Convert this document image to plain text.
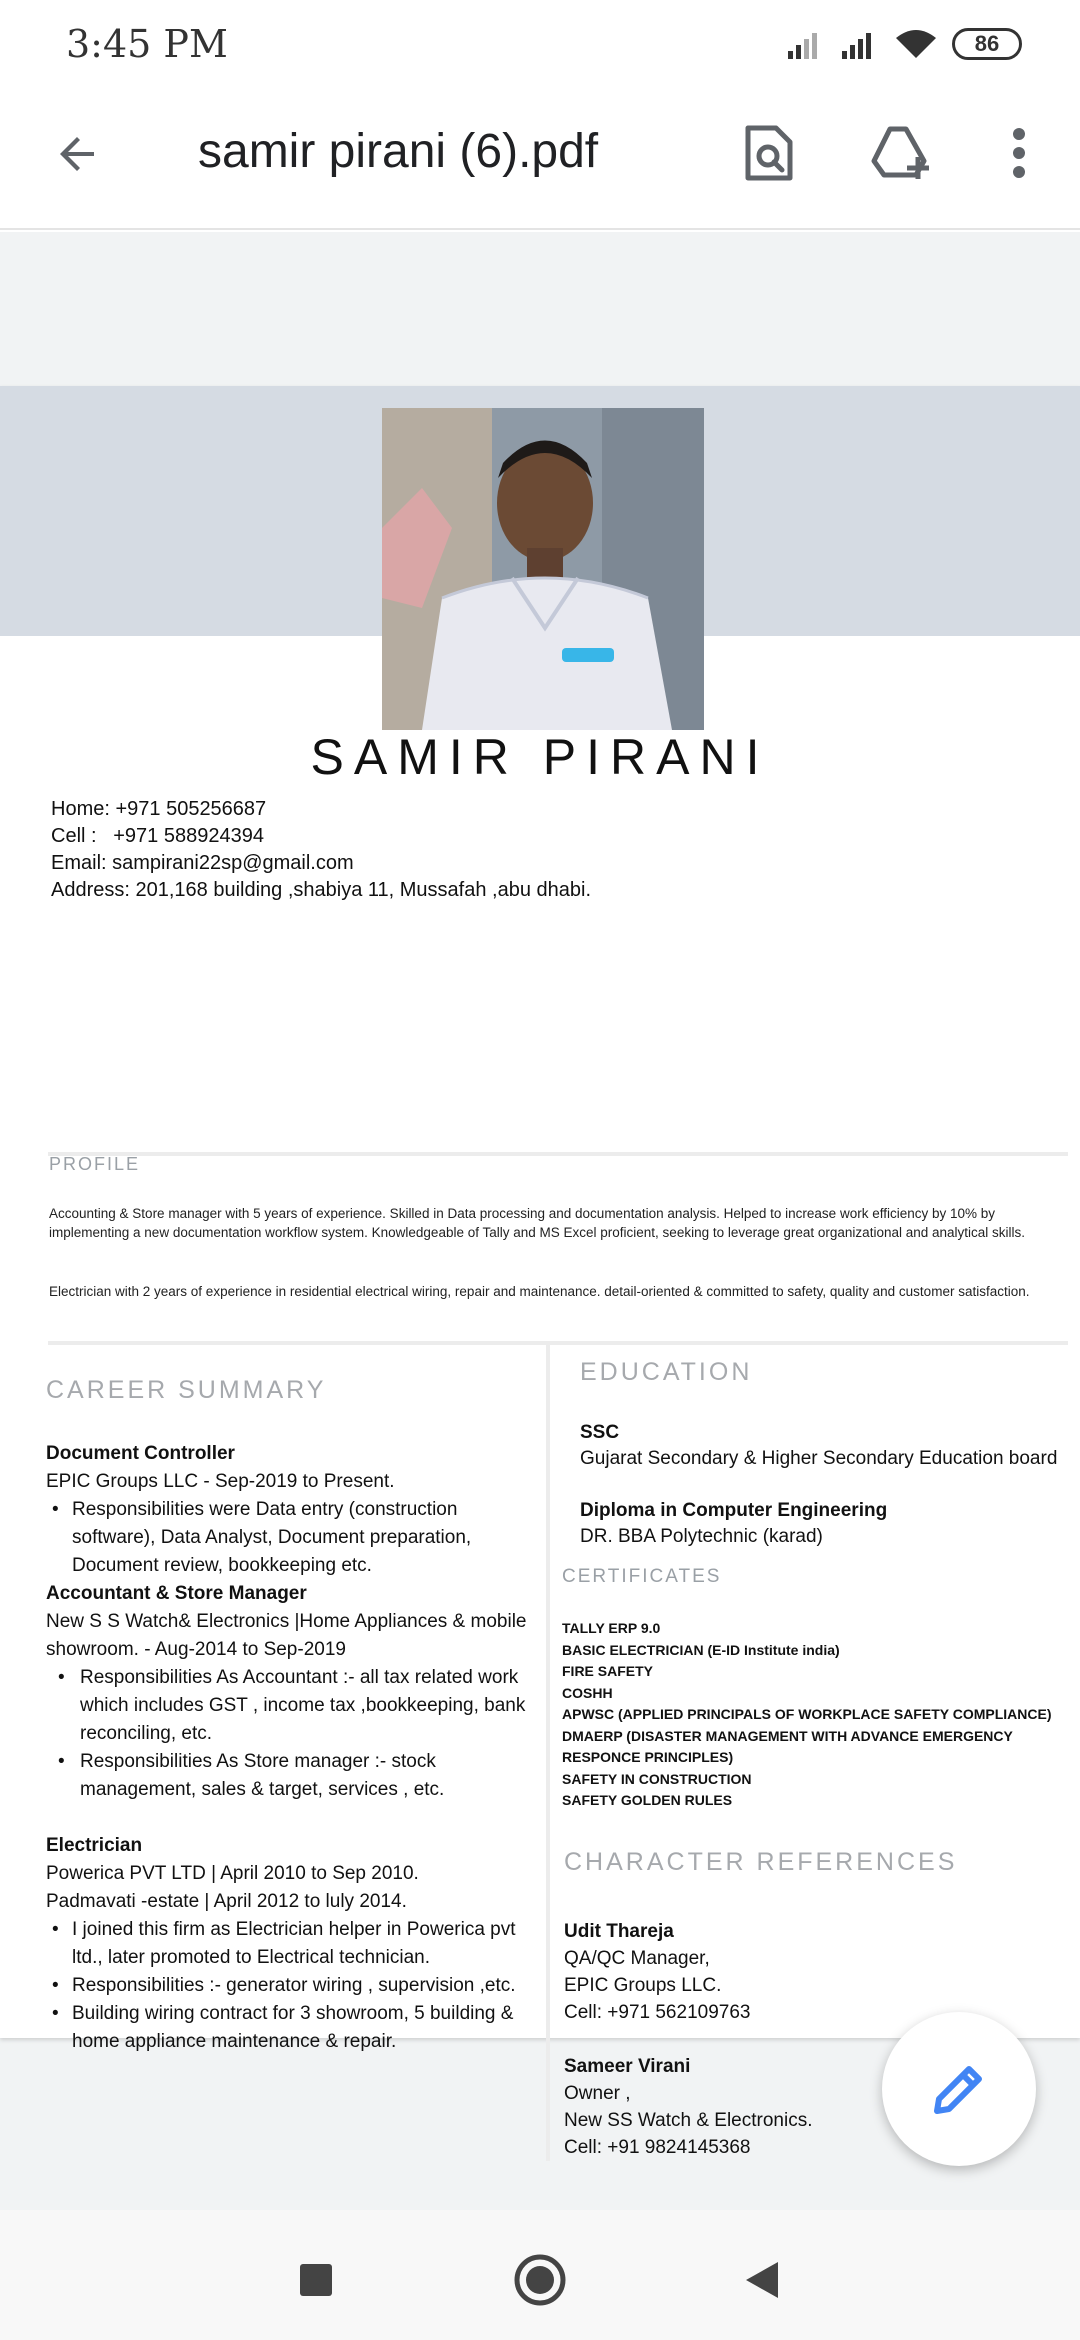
3:45 PM	86
samir pirani (6).pdf
SAMIR PIRANI
Home: +971 505256687
Cell :   +971 588924394
Email: sampirani22sp@gmail.com
Address: 201,168 building ,shabiya 11, Mussafah ,abu dhabi.
PROFILE
Accounting & Store manager with 5 years of experience. Skilled in Data processing and documentation analysis. Helped to increase work efficiency by 10% by implementing a new documentation workflow system. Knowledgeable of Tally and MS Excel proficient, seeking to leverage great organizational and analytical skills.
Electrician with 2 years of experience in residential electrical wiring, repair and maintenance. detail-oriented & committed to safety, quality and customer satisfaction.
CAREER SUMMARY
Document Controller
EPIC Groups LLC - Sep-2019 to Present.
• Responsibilities were Data entry (construction software), Data Analyst, Document preparation, Document review, bookkeeping etc.
Accountant & Store Manager
New S S Watch& Electronics |Home Appliances & mobile showroom. - Aug-2014 to Sep-2019
• Responsibilities As Accountant :- all tax related work which includes GST , income tax ,bookkeeping, bank reconciling, etc.
• Responsibilities As Store manager :- stock management, sales & target, services , etc.
Electrician
Powerica PVT LTD | April 2010 to Sep 2010.
Padmavati -estate | April 2012 to luly 2014.
• I joined this firm as Electrician helper in Powerica pvt ltd., later promoted to Electrical technician.
• Responsibilities :- generator wiring , supervision ,etc.
• Building wiring contract for 3 showroom, 5 building & home appliance maintenance & repair.
EDUCATION
SSC
Gujarat Secondary & Higher Secondary Education board
Diploma in Computer Engineering
DR. BBA Polytechnic (karad)
CERTIFICATES
TALLY ERP 9.0
BASIC ELECTRICIAN (E-ID Institute india)
FIRE SAFETY
COSHH
APWSC (APPLIED PRINCIPALS OF WORKPLACE SAFETY COMPLIANCE)
DMAERP (DISASTER MANAGEMENT WITH ADVANCE EMERGENCY RESPONCE PRINCIPLES)
SAFETY IN CONSTRUCTION
SAFETY GOLDEN RULES
CHARACTER REFERENCES
Udit Thareja
QA/QC Manager,
EPIC Groups LLC.
Cell: +971 562109763
Sameer Virani
Owner ,
New SS Watch & Electronics.
Cell: +91 9824145368
